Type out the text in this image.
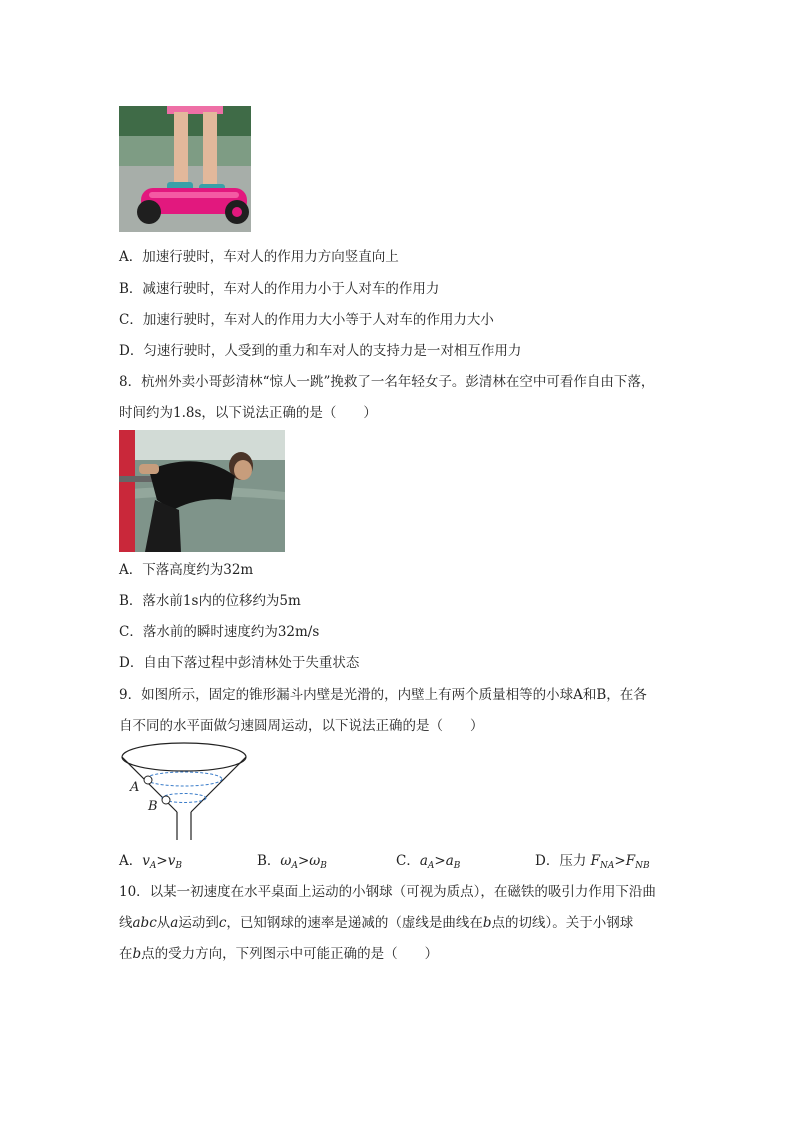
A．加速行驶时，车对人的作用力方向竖直向上
B．减速行驶时，车对人的作用力小于人对车的作用力
C．加速行驶时，车对人的作用力大小等于人对车的作用力大小
D．匀速行驶时，人受到的重力和车对人的支持力是一对相互作用力
8．杭州外卖小哥彭清林“惊人一跳”挽救了一名年轻女子。彭清林在空中可看作自由下落，
时间约为1.8s，以下说法正确的是（　　）
A．下落高度约为32m
B．落水前1s内的位移约为5m
C．落水前的瞬时速度约为32m/s
D．自由下落过程中彭清林处于失重状态
9．如图所示，固定的锥形漏斗内壁是光滑的，内壁上有两个质量相等的小球A和B，在各
自不同的水平面做匀速圆周运动，以下说法正确的是（　　）
A
B
A．$v_A>v_B$	B．$\omega_A>\omega_B$	C．$a_A>a_B$	D．压力 $F_{NA}>F_{NB}$
10．以某一初速度在水平桌面上运动的小钢球（可视为质点），在磁铁的吸引力作用下沿曲
线abc从a运动到c，已知钢球的速率是递减的（虚线是曲线在b点的切线）。关于小钢球
在b点的受力方向，下列图示中可能正确的是（　　）
